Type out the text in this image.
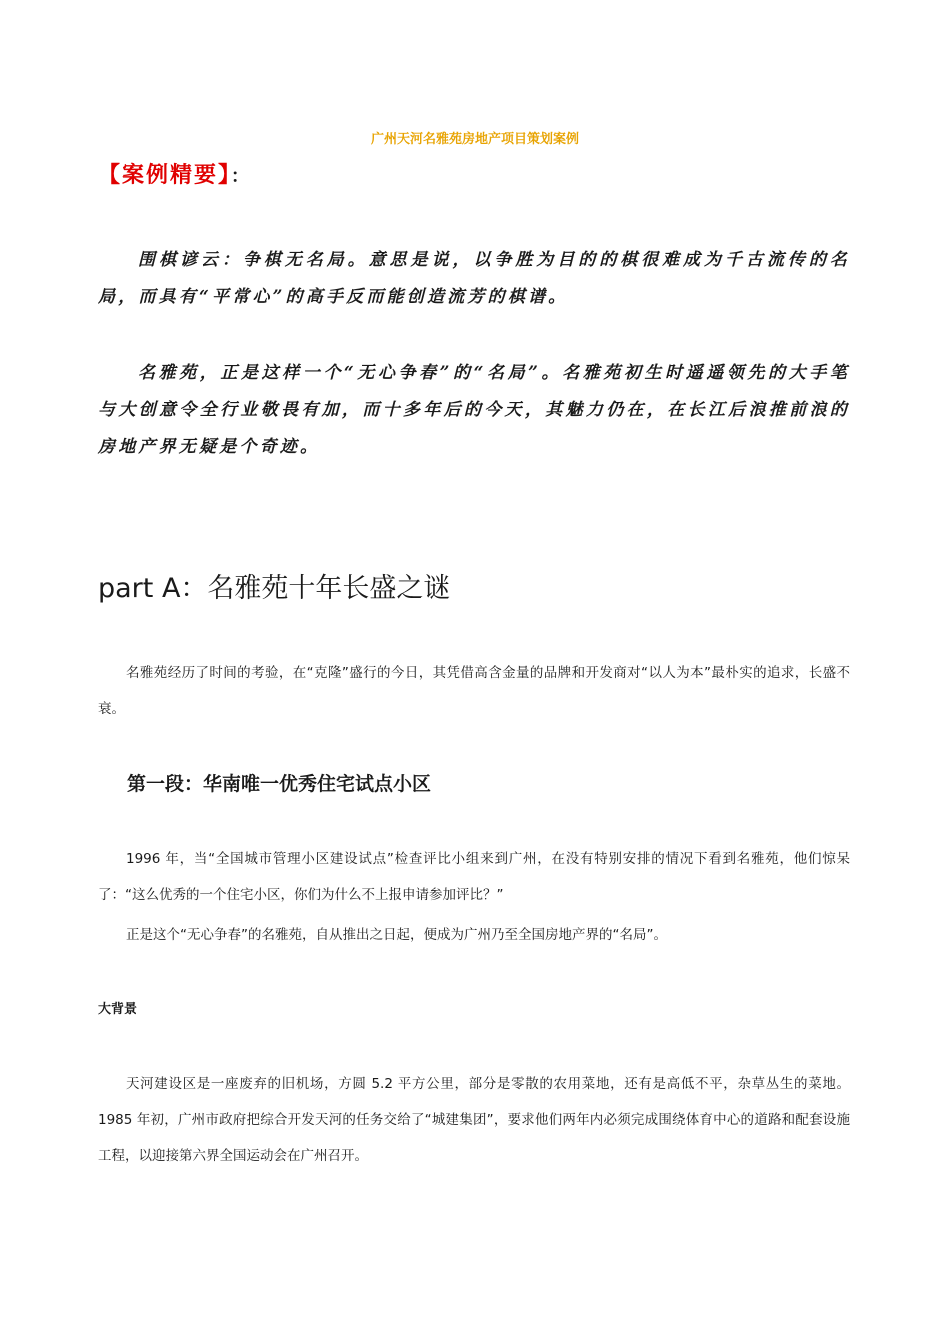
广州天河名雅苑房地产项目策划案例
【案例精要】：

围棋谚云：争棋无名局。意思是说，以争胜为目的的棋很难成为千古流传的名局，而具有“平常心”的高手反而能创造流芳的棋谱。

名雅苑，正是这样一个“无心争春”的“名局”。名雅苑初生时遥遥领先的大手笔与大创意令全行业敬畏有加，而十多年后的今天，其魅力仍在，在长江后浪推前浪的房地产界无疑是个奇迹。

part A：名雅苑十年长盛之谜

名雅苑经历了时间的考验，在“克隆”盛行的今日，其凭借高含金量的品牌和开发商对“以人为本”最朴实的追求，长盛不衰。

第一段：华南唯一优秀住宅试点小区

1996 年，当“全国城市管理小区建设试点”检查评比小组来到广州，在没有特别安排的情况下看到名雅苑，他们惊呆了：“这么优秀的一个住宅小区，你们为什么不上报申请参加评比？”

正是这个“无心争春”的名雅苑，自从推出之日起，便成为广州乃至全国房地产界的“名局”。

大背景

天河建设区是一座废弃的旧机场，方圆 5.2 平方公里，部分是零散的农用菜地，还有是高低不平，杂草丛生的菜地。1985 年初，广州市政府把综合开发天河的任务交给了“城建集团”，要求他们两年内必须完成围绕体育中心的道路和配套设施工程，以迎接第六界全国运动会在广州召开。
